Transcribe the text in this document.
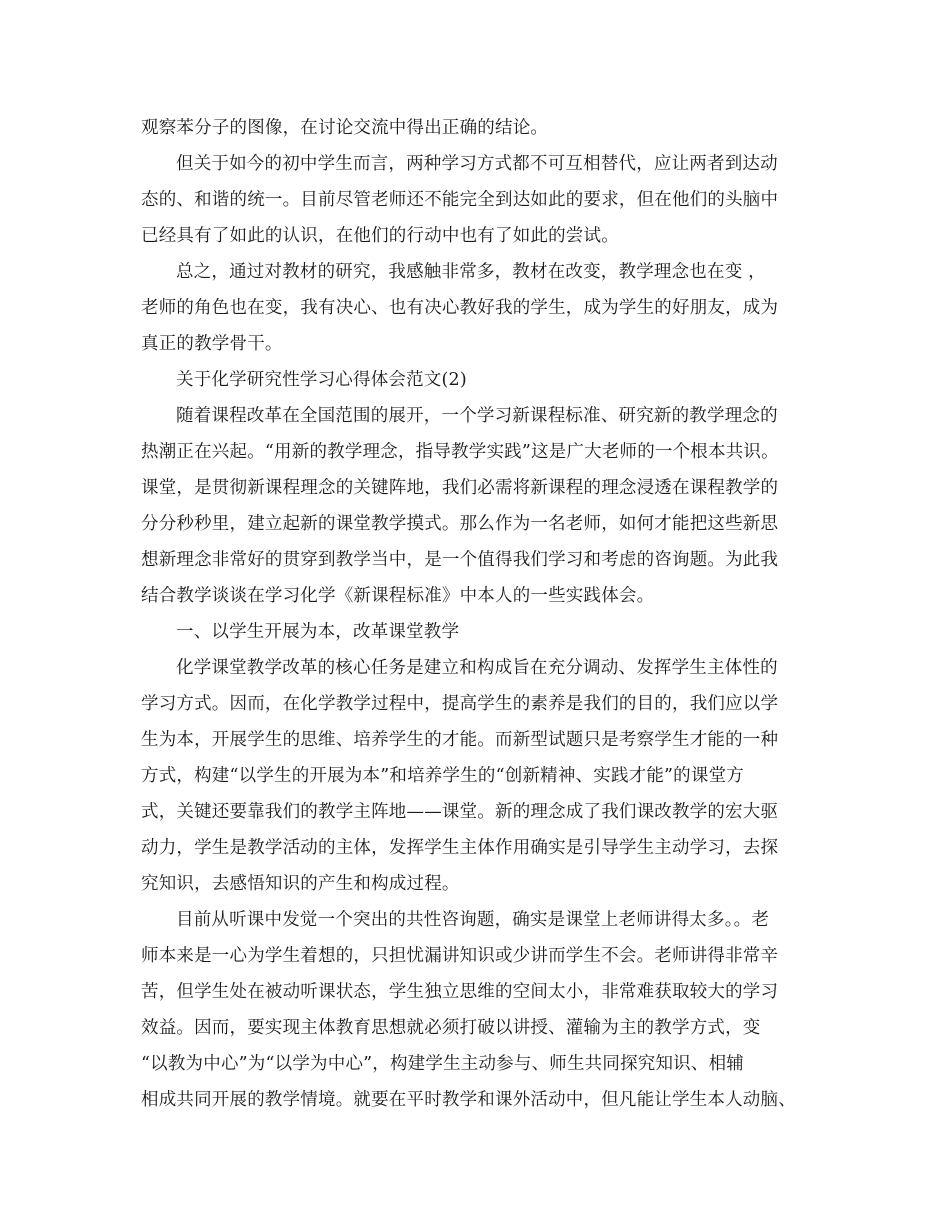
观察苯分子的图像，在讨论交流中得出正确的结论。
但关于如今的初中学生而言，两种学习方式都不可互相替代，应让两者到达动
态的、和谐的统一。目前尽管老师还不能完全到达如此的要求，但在他们的头脑中
已经具有了如此的认识，在他们的行动中也有了如此的尝试。
总之，通过对教材的研究，我感触非常多，教材在改变，教学理念也在变 ，
老师的角色也在变，我有决心、也有决心教好我的学生，成为学生的好朋友，成为
真正的教学骨干。
关于化学研究性学习心得体会范文(2)
随着课程改革在全国范围的展开，一个学习新课程标准、研究新的教学理念的
热潮正在兴起。“用新的教学理念，指导教学实践”这是广大老师的一个根本共识。
课堂，是贯彻新课程理念的关键阵地，我们必需将新课程的理念浸透在课程教学的
分分秒秒里，建立起新的课堂教学摸式。那么作为一名老师，如何才能把这些新思
想新理念非常好的贯穿到教学当中，是一个值得我们学习和考虑的咨询题。为此我
结合教学谈谈在学习化学《新课程标准》中本人的一些实践体会。
一、以学生开展为本，改革课堂教学
化学课堂教学改革的核心任务是建立和构成旨在充分调动、发挥学生主体性的
学习方式。因而，在化学教学过程中，提高学生的素养是我们的目的，我们应以学
生为本，开展学生的思维、培养学生的才能。而新型试题只是考察学生才能的一种
方式，构建“以学生的开展为本”和培养学生的“创新精神、实践才能”的课堂方
式，关键还要靠我们的教学主阵地——课堂。新的理念成了我们课改教学的宏大驱
动力，学生是教学活动的主体，发挥学生主体作用确实是引导学生主动学习，去探
究知识，去感悟知识的产生和构成过程。
目前从听课中发觉一个突出的共性咨询题，确实是课堂上老师讲得太多。。老
师本来是一心为学生着想的，只担忧漏讲知识或少讲而学生不会。老师讲得非常辛
苦，但学生处在被动听课状态，学生独立思维的空间太小，非常难获取较大的学习
效益。因而，要实现主体教育思想就必须打破以讲授、灌输为主的教学方式，变
“以教为中心”为“以学为中心”，构建学生主动参与、师生共同探究知识、相辅
相成共同开展的教学情境。就要在平时教学和课外活动中，但凡能让学生本人动脑、
